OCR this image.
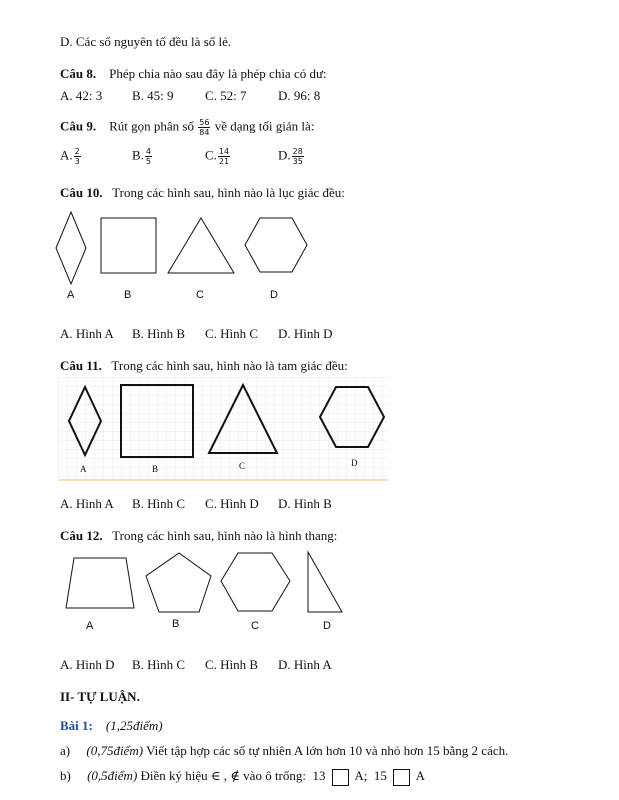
D. Các số nguyên tố đều là số lẻ.
Câu 8. Phép chia nào sau đây là phép chia có dư:
A. 42: 3 B. 45: 9 C. 52: 7 D. 96: 8
Câu 9. Rút gọn phân số $\frac{56}{84}$ về dạng tối giản là:
A. $\frac{2}{3}$	B. $\frac{4}{5}$	C. $\frac{14}{21}$	D. $\frac{28}{35}$
Câu 10. Trong các hình sau, hình nào là lục giác đều:
A	B	C	D
A. Hình A B. Hình B C. Hình C D. Hình D
Câu 11. Trong các hình sau, hình nào là tam giác đều:
A	B	C	D
A. Hình A B. Hình C C. Hình D D. Hình B
Câu 12. Trong các hình sau, hình nào là hình thang:
A	B	C	D
A. Hình D B. Hình C C. Hình B D. Hình A
II- TỰ LUẬN.
Bài 1: (1,25điểm)
a) (0,75điểm) Viết tập hợp các số tự nhiên A lớn hơn 10 và nhỏ hơn 15 bằng 2 cách.
b) (0,5điểm) Điền ký hiệu ∈ , ∉ vào ô trống: 13 A; 15 A
